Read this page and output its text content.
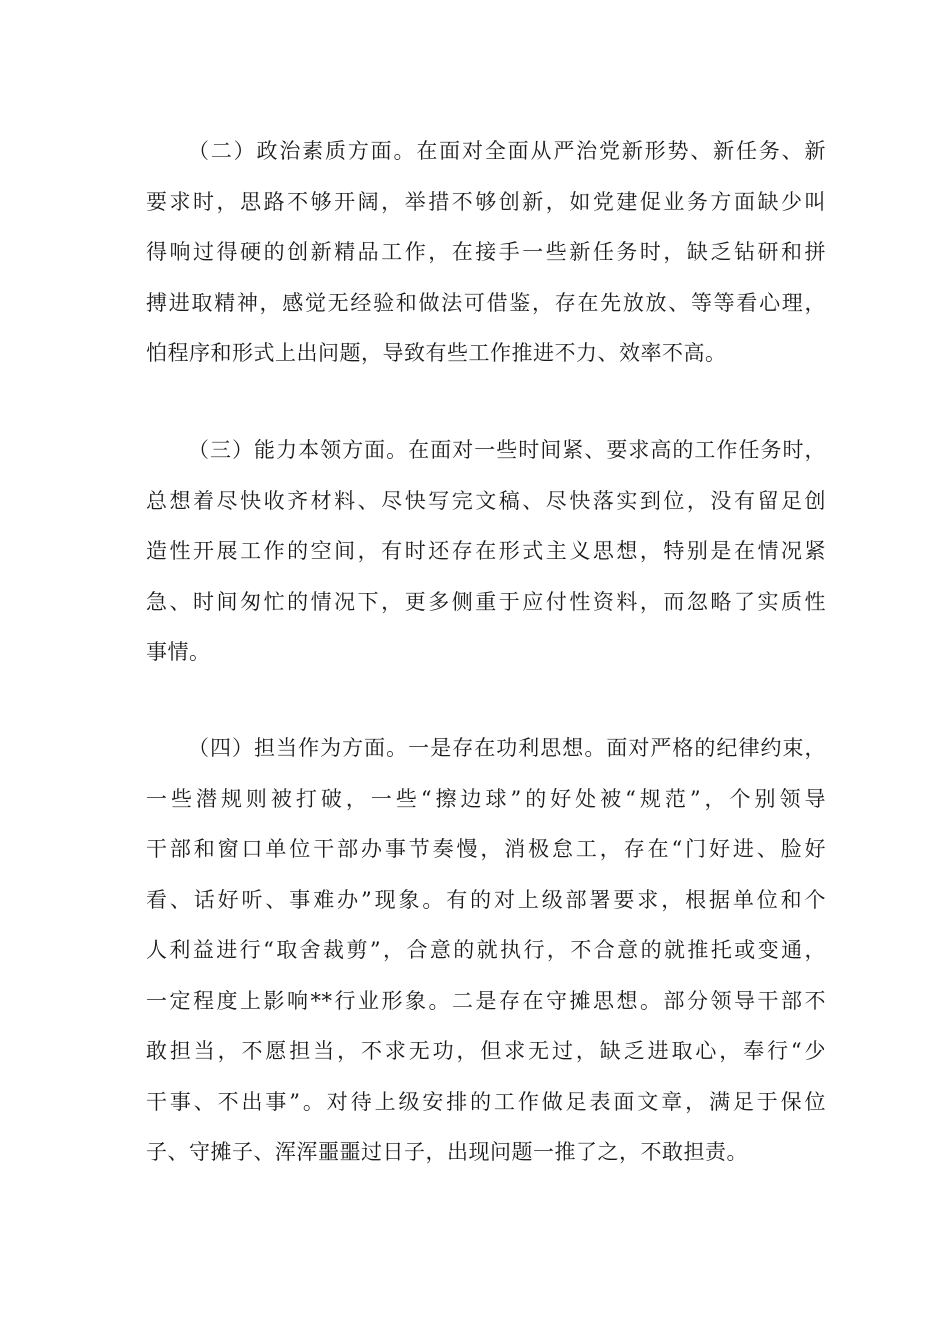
（二）政治素质方面。在面对全面从严治党新形势、新任务、新
要求时，思路不够开阔，举措不够创新，如党建促业务方面缺少叫
得响过得硬的创新精品工作，在接手一些新任务时，缺乏钻研和拼
搏进取精神，感觉无经验和做法可借鉴，存在先放放、等等看心理，
怕程序和形式上出问题，导致有些工作推进不力、效率不高。
（三）能力本领方面。在面对一些时间紧、要求高的工作任务时，
总想着尽快收齐材料、尽快写完文稿、尽快落实到位，没有留足创
造性开展工作的空间，有时还存在形式主义思想，特别是在情况紧
急、时间匆忙的情况下，更多侧重于应付性资料，而忽略了实质性
事情。
（四）担当作为方面。一是存在功利思想。面对严格的纪律约束，
一些潜规则被打破，一些“擦边球”的好处被“规范”，个别领导
干部和窗口单位干部办事节奏慢，消极怠工，存在“门好进、脸好
看、话好听、事难办”现象。有的对上级部署要求，根据单位和个
人利益进行“取舍裁剪”，合意的就执行，不合意的就推托或变通，
一定程度上影响**行业形象。二是存在守摊思想。部分领导干部不
敢担当，不愿担当，不求无功，但求无过，缺乏进取心，奉行“少
干事、不出事”。对待上级安排的工作做足表面文章，满足于保位
子、守摊子、浑浑噩噩过日子，出现问题一推了之，不敢担责。
